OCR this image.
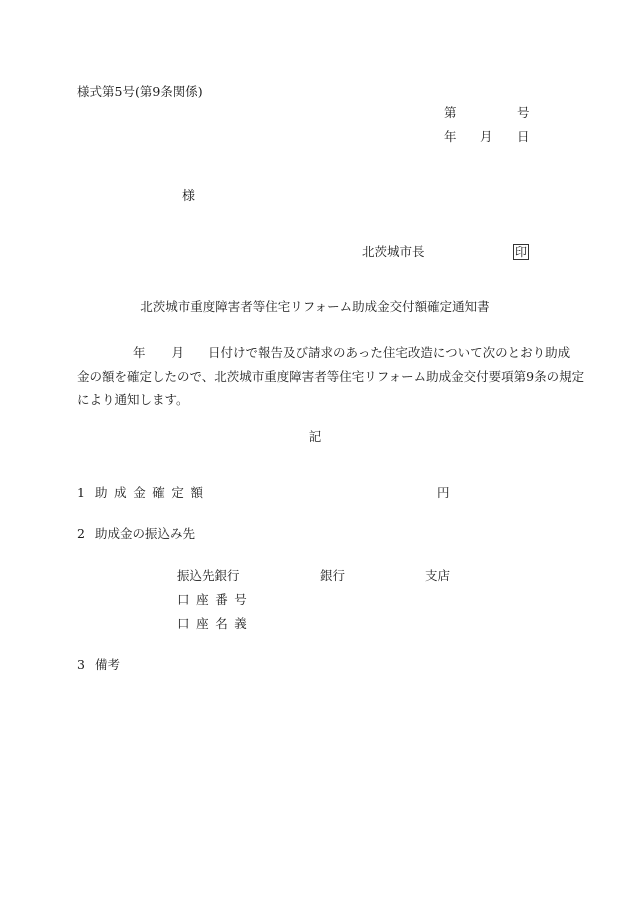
様式第5号(第9条関係)
第	号
年 月 日
様
北茨城市長	印
北茨城市重度障害者等住宅リフォーム助成金交付額確定通知書
年 月 日付けで報告及び請求のあった住宅改造について次のとおり助成
金の額を確定したので、北茨城市重度障害者等住宅リフォーム助成金交付要項第9条の規定
により通知します。
記
1 助成金確定額	円
2 助成金の振込み先
振込先銀行	銀行	支店
口座番号
口座名義
3 備考
